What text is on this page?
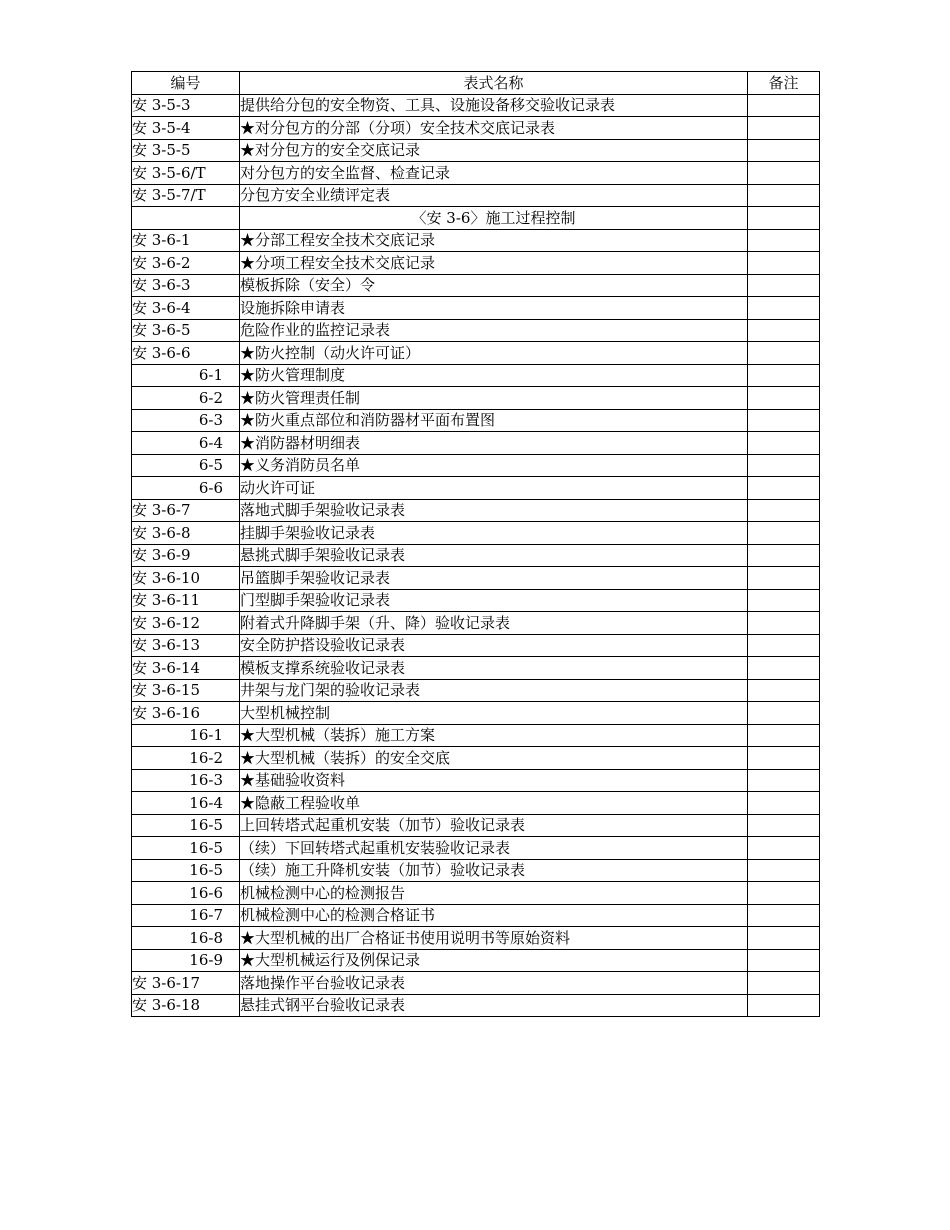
编号	表式名称	备注
安 3-5-3	提供给分包的安全物资、工具、设施设备移交验收记录表	
安 3-5-4	★对分包方的分部（分项）安全技术交底记录表	
安 3-5-5	★对分包方的安全交底记录	
安 3-5-6/T	对分包方的安全监督、检查记录	
安 3-5-7/T	分包方安全业绩评定表	
	〈安 3-6〉施工过程控制	
安 3-6-1	★分部工程安全技术交底记录	
安 3-6-2	★分项工程安全技术交底记录	
安 3-6-3	模板拆除（安全）令	
安 3-6-4	设施拆除申请表	
安 3-6-5	危险作业的监控记录表	
安 3-6-6	★防火控制（动火许可证）	
6-1	★防火管理制度	
6-2	★防火管理责任制	
6-3	★防火重点部位和消防器材平面布置图	
6-4	★消防器材明细表	
6-5	★义务消防员名单	
6-6	动火许可证	
安 3-6-7	落地式脚手架验收记录表	
安 3-6-8	挂脚手架验收记录表	
安 3-6-9	悬挑式脚手架验收记录表	
安 3-6-10	吊篮脚手架验收记录表	
安 3-6-11	门型脚手架验收记录表	
安 3-6-12	附着式升降脚手架（升、降）验收记录表	
安 3-6-13	安全防护搭设验收记录表	
安 3-6-14	模板支撑系统验收记录表	
安 3-6-15	井架与龙门架的验收记录表	
安 3-6-16	大型机械控制	
16-1	★大型机械（装拆）施工方案	
16-2	★大型机械（装拆）的安全交底	
16-3	★基础验收资料	
16-4	★隐蔽工程验收单	
16-5	上回转塔式起重机安装（加节）验收记录表	
16-5	（续）下回转塔式起重机安装验收记录表	
16-5	（续）施工升降机安装（加节）验收记录表	
16-6	机械检测中心的检测报告	
16-7	机械检测中心的检测合格证书	
16-8	★大型机械的出厂合格证书使用说明书等原始资料	
16-9	★大型机械运行及例保记录	
安 3-6-17	落地操作平台验收记录表	
安 3-6-18	悬挂式钢平台验收记录表	
